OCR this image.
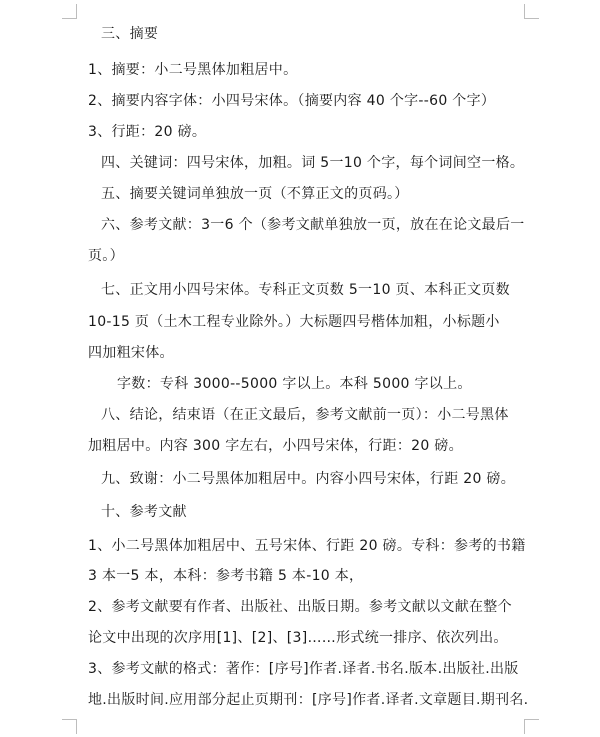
三、摘要
1、摘要：小二号黑体加粗居中。
2、摘要内容字体：小四号宋体。（摘要内容 40 个字--60 个字）
3、行距：20 磅。
四、关键词：四号宋体，加粗。词 5一10 个字，每个词间空一格。
五、摘要关键词单独放一页（不算正文的页码。）
六、参考文献：3一6 个（参考文献单独放一页，放在在论文最后一
页。）
七、正文用小四号宋体。专科正文页数 5一10 页、本科正文页数
10-15 页（土木工程专业除外。）大标题四号楷体加粗，小标题小
四加粗宋体。
字数：专科 3000--5000 字以上。本科 5000 字以上。
八、结论，结束语（在正文最后，参考文献前一页）：小二号黑体
加粗居中。内容 300 字左右，小四号宋体，行距：20 磅。
九、致谢：小二号黑体加粗居中。内容小四号宋体，行距 20 磅。
十、参考文献
1、小二号黑体加粗居中、五号宋体、行距 20 磅。专科：参考的书籍
3 本一5 本，本科：参考书籍 5 本-10 本，
2、参考文献要有作者、出版社、出版日期。参考文献以文献在整个
论文中出现的次序用[1]、[2]、[3]……形式统一排序、依次列出。
3、参考文献的格式：著作：[序号]作者.译者.书名.版本.出版社.出版
地.出版时间.应用部分起止页期刊：[序号]作者.译者.文章题目.期刊名.
